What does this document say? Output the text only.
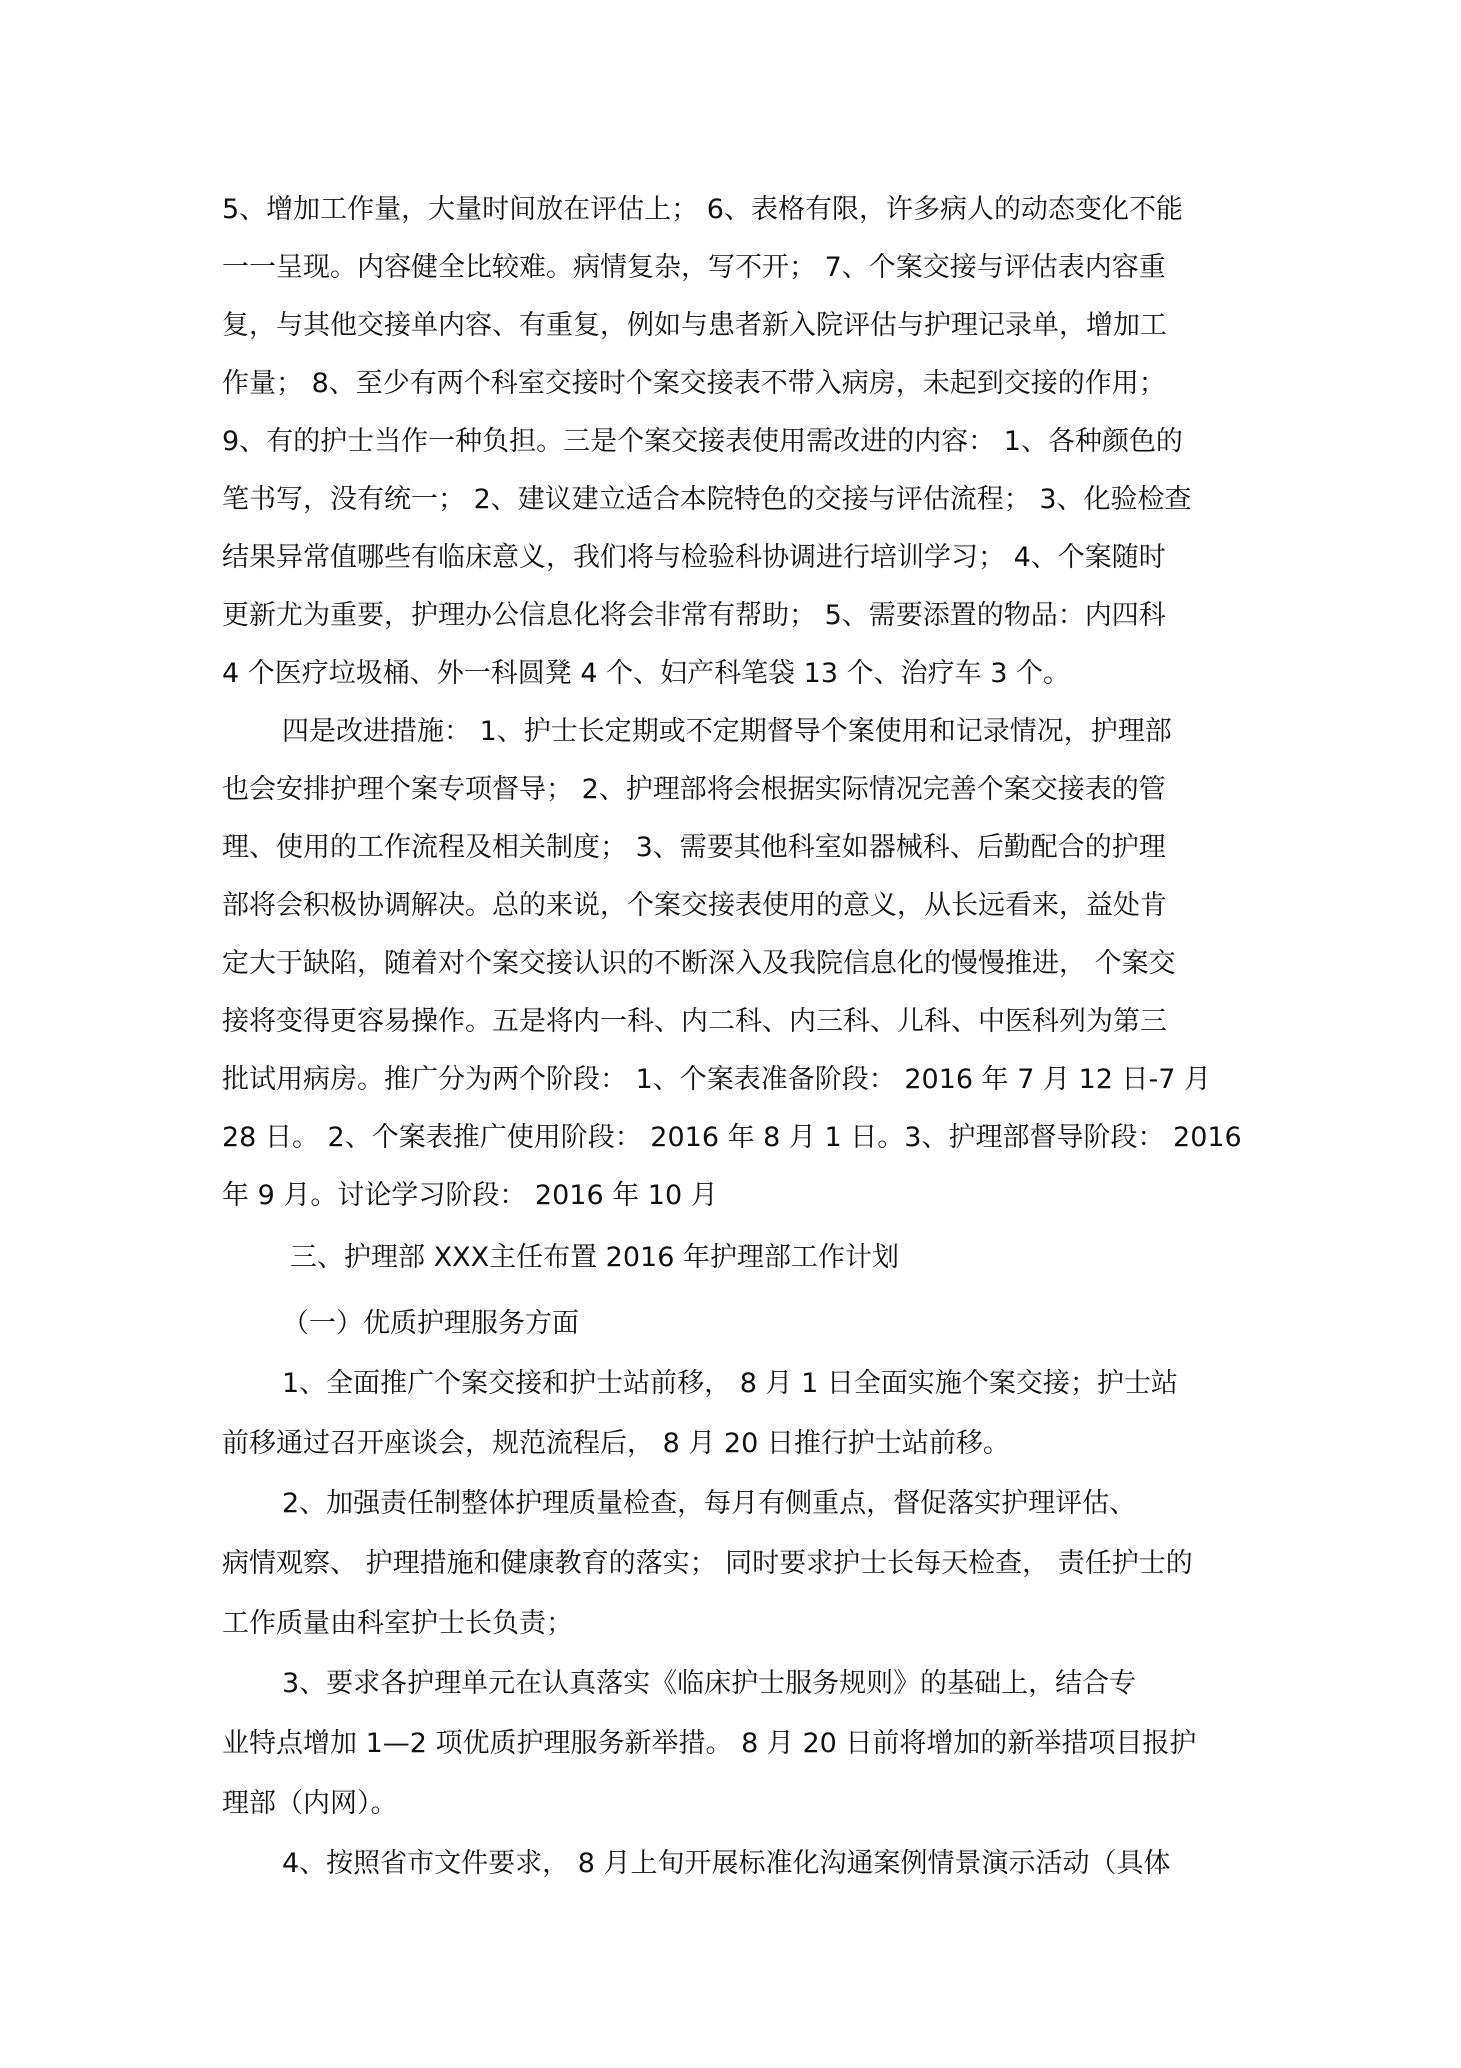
5、增加工作量，大量时间放在评估上； 6、表格有限，许多病人的动态变化不能

一一呈现。内容健全比较难。病情复杂，写不开； 7、个案交接与评估表内容重

复，与其他交接单内容、有重复，例如与患者新入院评估与护理记录单，增加工

作量； 8、至少有两个科室交接时个案交接表不带入病房，未起到交接的作用；

9、有的护士当作一种负担。三是个案交接表使用需改进的内容： 1、各种颜色的

笔书写，没有统一； 2、建议建立适合本院特色的交接与评估流程； 3、化验检查

结果异常值哪些有临床意义，我们将与检验科协调进行培训学习； 4、个案随时

更新尤为重要，护理办公信息化将会非常有帮助； 5、需要添置的物品：内四科

4 个医疗垃圾桶、外一科圆凳 4 个、妇产科笔袋 13 个、治疗车 3 个。

四是改进措施： 1、护士长定期或不定期督导个案使用和记录情况，护理部

也会安排护理个案专项督导； 2、护理部将会根据实际情况完善个案交接表的管

理、使用的工作流程及相关制度； 3、需要其他科室如器械科、后勤配合的护理

部将会积极协调解决。总的来说，个案交接表使用的意义，从长远看来，益处肯

定大于缺陷，随着对个案交接认识的不断深入及我院信息化的慢慢推进， 个案交

接将变得更容易操作。五是将内一科、内二科、内三科、儿科、中医科列为第三

批试用病房。推广分为两个阶段： 1、个案表准备阶段： 2016 年 7 月 12 日-7 月

28 日。 2、个案表推广使用阶段： 2016 年 8 月 1 日。3、护理部督导阶段： 2016

年 9 月。讨论学习阶段： 2016 年 10 月

三、护理部 XXX主任布置 2016 年护理部工作计划

（一）优质护理服务方面

1、全面推广个案交接和护士站前移， 8 月 1 日全面实施个案交接；护士站

前移通过召开座谈会，规范流程后， 8 月 20 日推行护士站前移。

2、加强责任制整体护理质量检查，每月有侧重点，督促落实护理评估、

病情观察、 护理措施和健康教育的落实； 同时要求护士长每天检查， 责任护士的

工作质量由科室护士长负责；

3、要求各护理单元在认真落实《临床护士服务规则》的基础上，结合专

业特点增加 1—2 项优质护理服务新举措。 8 月 20 日前将增加的新举措项目报护

理部（内网）。

4、按照省市文件要求， 8 月上旬开展标准化沟通案例情景演示活动（具体
